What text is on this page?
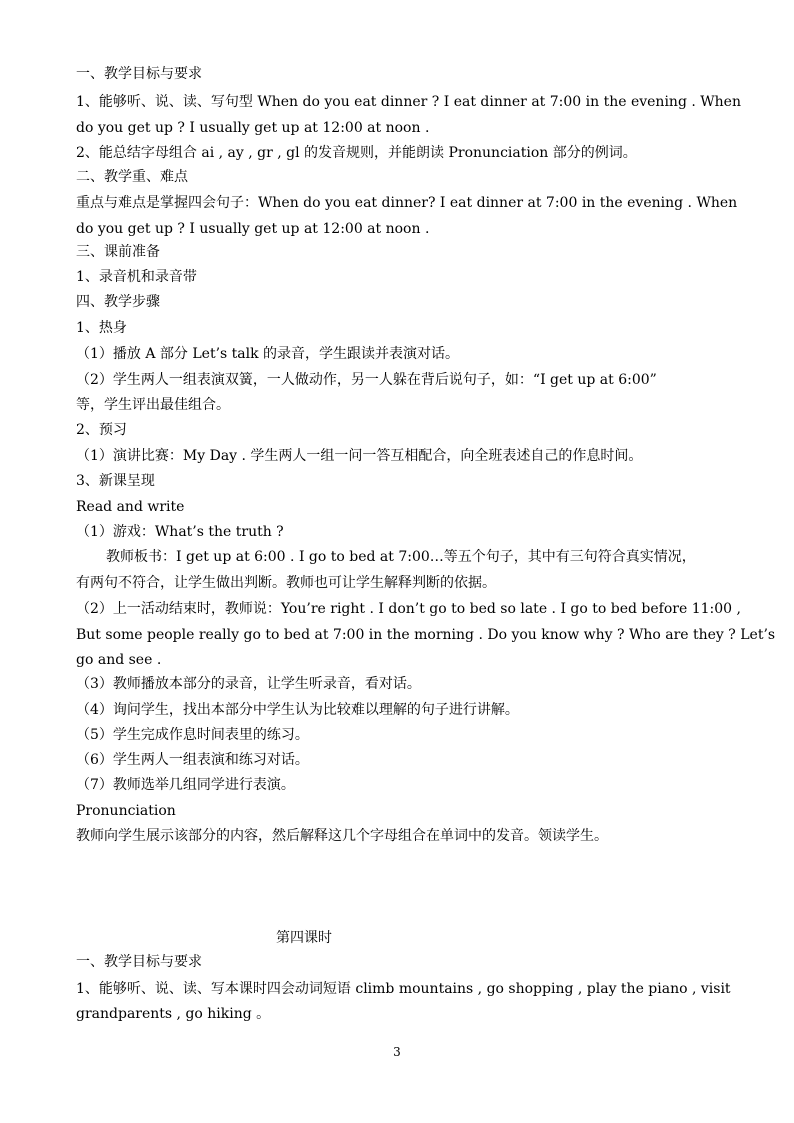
一、教学目标与要求
1、能够听、说、读、写句型 When do you eat dinner ? I eat dinner at 7:00 in the evening . When
do you get up ? I usually get up at 12:00 at noon .
2、能总结字母组合 ai , ay , gr , gl 的发音规则，并能朗读 Pronunciation 部分的例词。
二、教学重、难点
重点与难点是掌握四会句子：When do you eat dinner? I eat dinner at 7:00 in the evening . When
do you get up ? I usually get up at 12:00 at noon .
三、课前准备
1、录音机和录音带
四、教学步骤
1、热身
（1）播放 A 部分 Let’s talk 的录音，学生跟读并表演对话。
（2）学生两人一组表演双簧，一人做动作，另一人躲在背后说句子，如：“I get up at 6:00”
等，学生评出最佳组合。
2、预习
（1）演讲比赛：My Day . 学生两人一组一问一答互相配合，向全班表述自己的作息时间。
3、新课呈现
Read and write
（1）游戏：What’s the truth ?
教师板书：I get up at 6:00 . I go to bed at 7:00…等五个句子，其中有三句符合真实情况，
有两句不符合，让学生做出判断。教师也可让学生解释判断的依据。
（2）上一活动结束时，教师说：You’re right . I don’t go to bed so late . I go to bed before 11:00 ,
But some people really go to bed at 7:00 in the morning . Do you know why ? Who are they ? Let’s
go and see .
（3）教师播放本部分的录音，让学生听录音，看对话。
（4）询问学生，找出本部分中学生认为比较难以理解的句子进行讲解。
（5）学生完成作息时间表里的练习。
（6）学生两人一组表演和练习对话。
（7）教师选举几组同学进行表演。
Pronunciation
教师向学生展示该部分的内容，然后解释这几个字母组合在单词中的发音。领读学生。
第四课时
一、教学目标与要求
1、能够听、说、读、写本课时四会动词短语 climb mountains , go shopping , play the piano , visit
grandparents , go hiking 。
3
